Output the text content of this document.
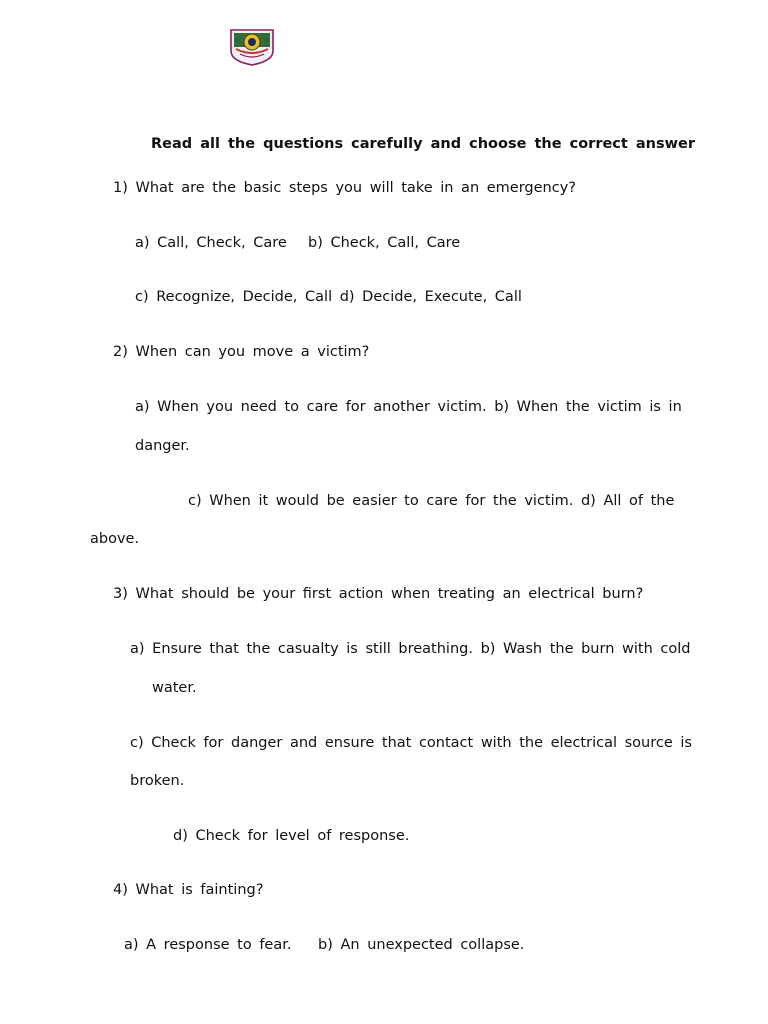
Read all the questions carefully and choose the correct answer
1) What are the basic steps you will take in an emergency?
a) Call, Check, Care b) Check, Call, Care
c) Recognize, Decide, Call d) Decide, Execute, Call
2) When can you move a victim?
a) When you need to care for another victim. b) When the victim is in
danger.
c) When it would be easier to care for the victim. d) All of the
above.
3) What should be your first action when treating an electrical burn?
a) Ensure that the casualty is still breathing. b) Wash the burn with cold
water.
c) Check for danger and ensure that contact with the electrical source is
broken.
d) Check for level of response.
4) What is fainting?
a) A response to fear. b) An unexpected collapse.
